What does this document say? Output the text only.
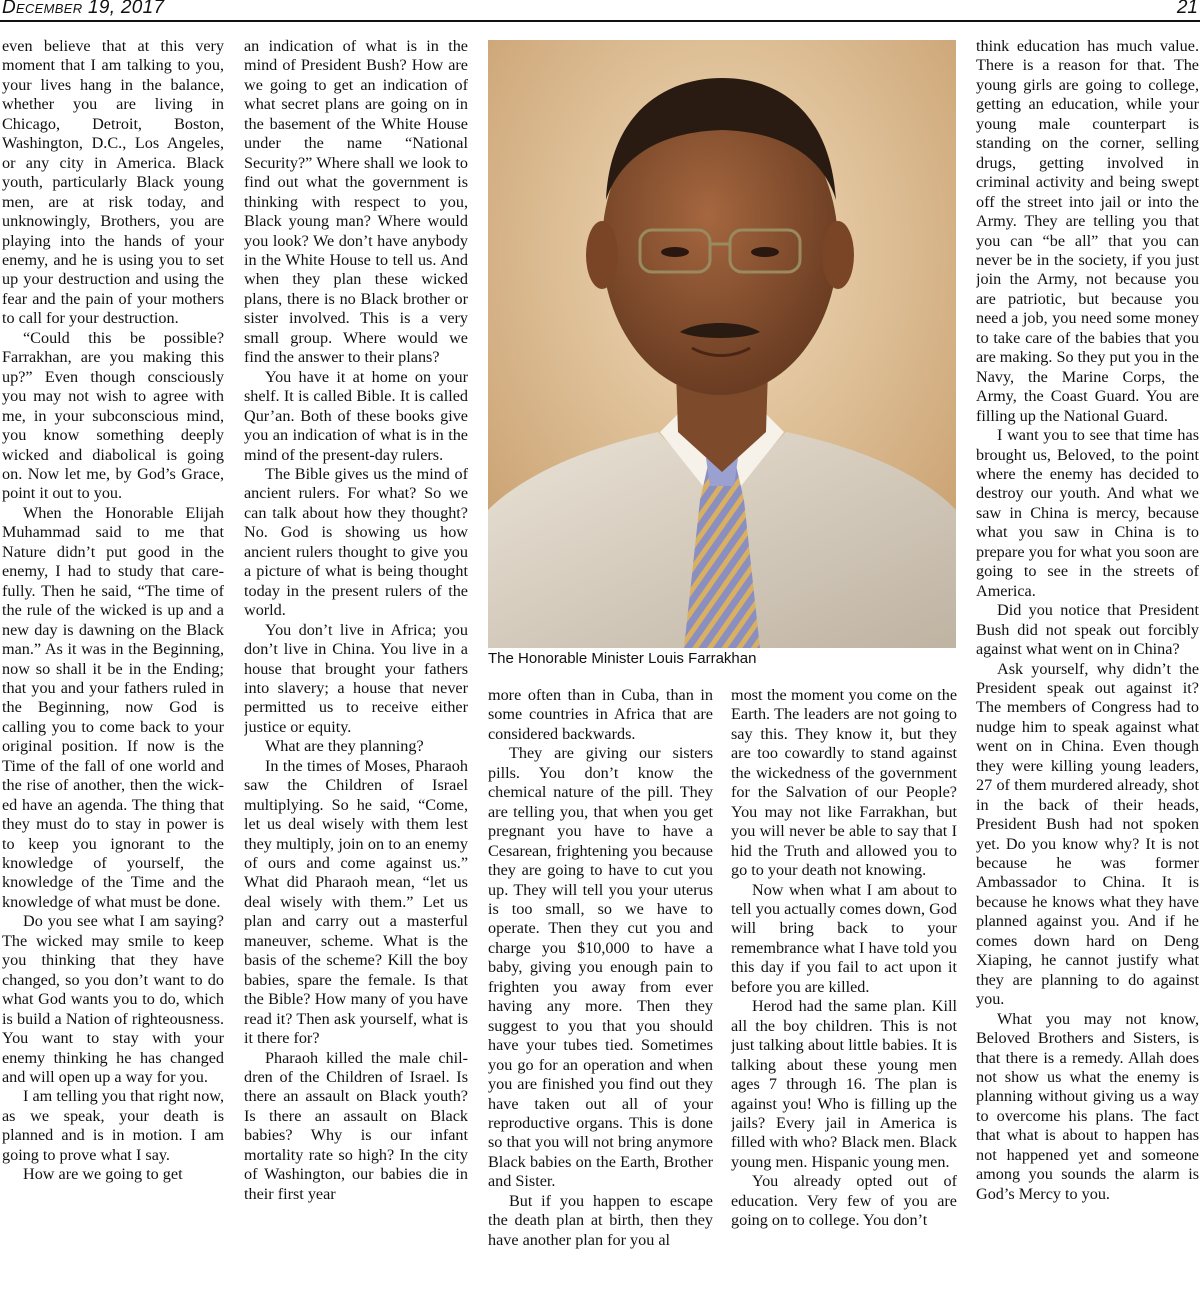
December 19, 2017	21

even believe that at this very moment that I am talking to you, your lives hang in the balance, whether you are living in Chicago, Detroit, Boston, Washington, D.C., Los Angeles, or any city in America. Black youth, particularly Black young men, are at risk today, and unknowingly, Brothers, you are playing into the hands of your enemy, and he is using you to set up your destruction and using the fear and the pain of your mothers to call for your destruction.

“Could this be possible? Farrakhan, are you making this up?” Even though consciously you may not wish to agree with me, in your subconscious mind, you know something deeply wicked and diabolical is going on. Now let me, by God’s Grace, point it out to you.

When the Honorable Elijah Muhammad said to me that Nature didn’t put good in the enemy, I had to study that carefully. Then he said, “The time of the rule of the wicked is up and a new day is dawning on the Black man.” As it was in the Beginning, now so shall it be in the Ending; that you and your fathers ruled in the Beginning, now God is calling you to come back to your original position. If now is the Time of the fall of one world and the rise of another, then the wicked have an agenda. The thing that they must do to stay in power is to keep you ignorant to the knowledge of yourself, the knowledge of the Time and the knowledge of what must be done.

Do you see what I am saying? The wicked may smile to keep you thinking that they have changed, so you don’t want to do what God wants you to do, which is build a Nation of righteousness. You want to stay with your enemy thinking he has changed and will open up a way for you.

I am telling you that right now, as we speak, your death is planned and is in motion. I am going to prove what I say.

How are we going to get

an indication of what is in the mind of President Bush? How are we going to get an indication of what secret plans are going on in the basement of the White House under the name “National Security?” Where shall we look to find out what the government is thinking with respect to you, Black young man? Where would you look? We don’t have anybody in the White House to tell us. And when they plan these wicked plans, there is no Black brother or sister involved. This is a very small group. Where would we find the answer to their plans?

You have it at home on your shelf. It is called Bible. It is called Qur’an. Both of these books give you an indication of what is in the mind of the present-day rulers.

The Bible gives us the mind of ancient rulers. For what? So we can talk about how they thought? No. God is showing us how ancient rulers thought to give you a picture of what is being thought today in the present rulers of the world.

You don’t live in Africa; you don’t live in China. You live in a house that brought your fathers into slavery; a house that never permitted us to receive either justice or equity.

What are they planning?

In the times of Moses, Pharaoh saw the Children of Israel multiplying. So he said, “Come, let us deal wisely with them lest they multiply, join on to an enemy of ours and come against us.” What did Pharaoh mean, “let us deal wisely with them.” Let us plan and carry out a masterful maneuver, scheme. What is the basis of the scheme? Kill the boy babies, spare the female. Is that the Bible? How many of you have read it? Then ask yourself, what is it there for?

Pharaoh killed the male children of the Children of Israel. Is there an assault on Black youth? Is there an assault on Black babies? Why is our infant mortality rate so high? In the city of Washington, our babies die in their first year

The Honorable Minister Louis Farrakhan

more often than in Cuba, than in some countries in Africa that are considered backwards.

They are giving our sisters pills. You don’t know the chemical nature of the pill. They are telling you, that when you get pregnant you have to have a Cesarean, frightening you because they are going to have to cut you up. They will tell you your uterus is too small, so we have to operate. Then they cut you and charge you $10,000 to have a baby, giving you enough pain to frighten you away from ever having any more. Then they suggest to you that you should have your tubes tied. Sometimes you go for an operation and when you are finished you find out they have taken out all of your reproductive organs. This is done so that you will not bring anymore Black babies on the Earth, Brother and Sister.

But if you happen to escape the death plan at birth, then they have another plan for you al

most the moment you come on the Earth. The leaders are not going to say this. They know it, but they are too cowardly to stand against the wickedness of the government for the Salvation of our People? You may not like Farrakhan, but you will never be able to say that I hid the Truth and allowed you to go to your death not knowing.

Now when what I am about to tell you actually comes down, God will bring back to your remembrance what I have told you this day if you fail to act upon it before you are killed.

Herod had the same plan. Kill all the boy children. This is not just talking about little babies. It is talking about these young men ages 7 through 16. The plan is against you! Who is filling up the jails? Every jail in America is filled with who? Black men. Black young men. Hispanic young men.

You already opted out of education. Very few of you are going on to college. You don’t

think education has much value. There is a reason for that. The young girls are going to college, getting an education, while your young male counterpart is standing on the corner, selling drugs, getting involved in criminal activity and being swept off the street into jail or into the Army. They are telling you that you can “be all” that you can never be in the society, if you just join the Army, not because you are patriotic, but because you need a job, you need some money to take care of the babies that you are making. So they put you in the Navy, the Marine Corps, the Army, the Coast Guard. You are filling up the National Guard.

I want you to see that time has brought us, Beloved, to the point where the enemy has decided to destroy our youth. And what we saw in China is mercy, because what you saw in China is to prepare you for what you soon are going to see in the streets of America.

Did you notice that President Bush did not speak out forcibly against what went on in China?

Ask yourself, why didn’t the President speak out against it? The members of Congress had to nudge him to speak against what went on in China. Even though they were killing young leaders, 27 of them murdered already, shot in the back of their heads, President Bush had not spoken yet. Do you know why? It is not because he was former Ambassador to China. It is because he knows what they have planned against you. And if he comes down hard on Deng Xiaping, he cannot justify what they are planning to do against you.

What you may not know, Beloved Brothers and Sisters, is that there is a remedy. Allah does not show us what the enemy is planning without giving us a way to overcome his plans. The fact that what is about to happen has not happened yet and someone among you sounds the alarm is God’s Mercy to you.
